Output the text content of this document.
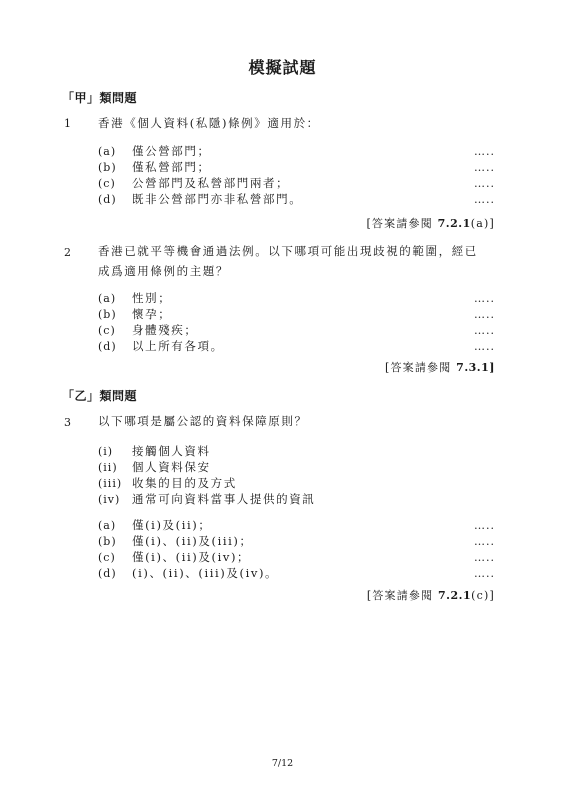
模擬試題
「甲」類問題
1 香港《個人資料(私隱)條例》適用於：
(a) 僅公營部門；	…..
(b) 僅私營部門；	…..
(c) 公營部門及私營部門兩者；	…..
(d) 既非公營部門亦非私營部門。	…..
[答案請參閱 7.2.1(a)]
2 香港已就平等機會通過法例。以下哪項可能出現歧視的範圍，經已
成爲適用條例的主題？
(a) 性別；	…..
(b) 懷孕；	…..
(c) 身體殘疾；	…..
(d) 以上所有各項。	…..
[答案請參閱 7.3.1]
「乙」類問題
3 以下哪項是屬公認的資料保障原則？
(i) 接觸個人資料
(ii) 個人資料保安
(iii) 收集的目的及方式
(iv) 通常可向資料當事人提供的資訊
(a) 僅(i)及(ii)；	…..
(b) 僅(i)、(ii)及(iii)；	…..
(c) 僅(i)、(ii)及(iv)；	…..
(d) (i)、(ii)、(iii)及(iv)。	…..
[答案請參閱 7.2.1(c)]
7/12
